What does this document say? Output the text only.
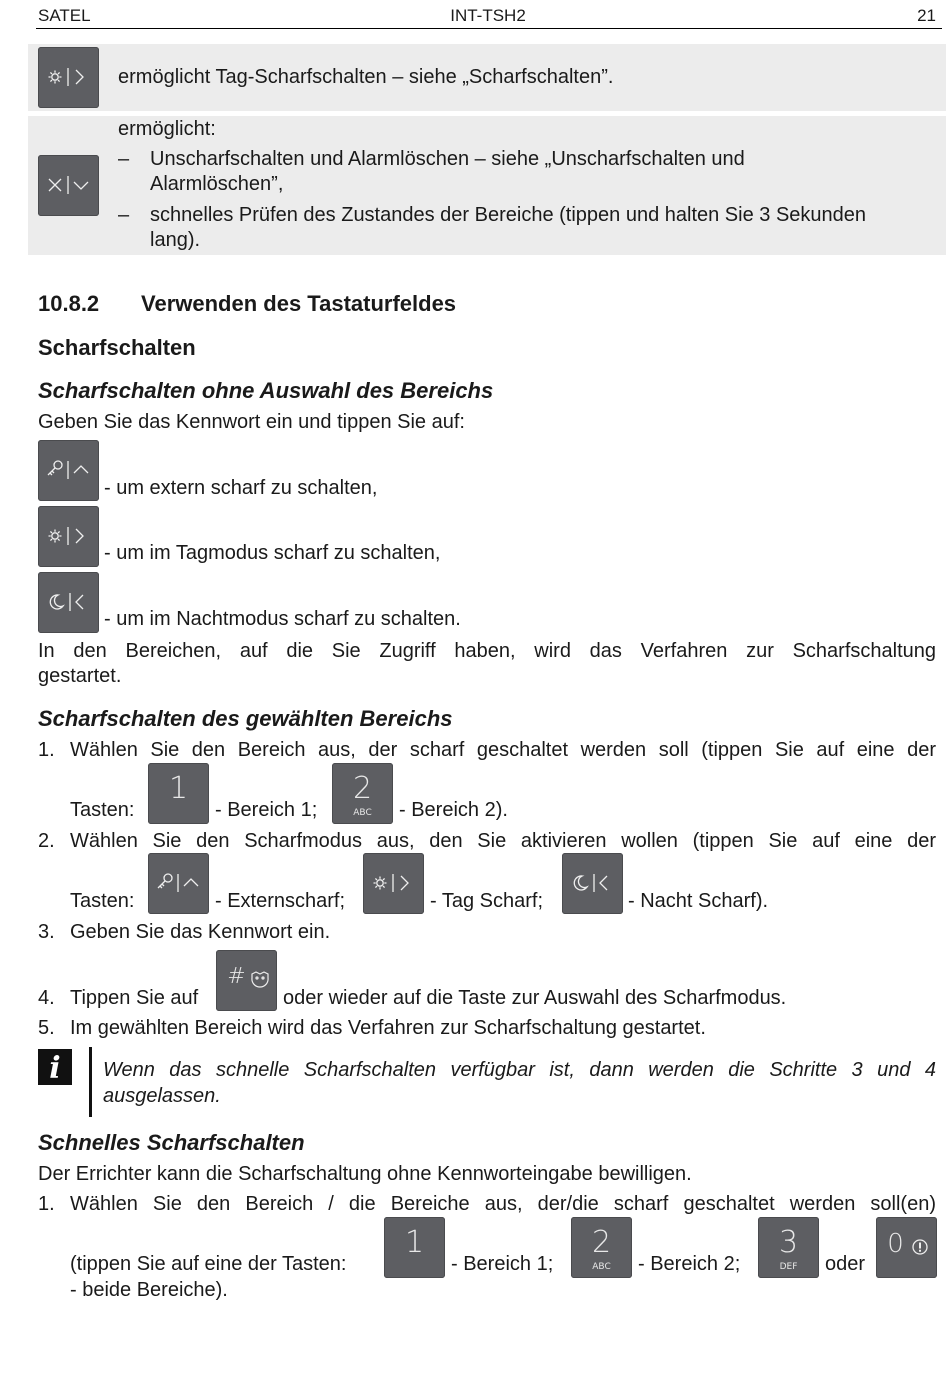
SATEL	INT-TSH2	21
ermöglicht Tag-Scharfschalten – siehe „Scharfschalten”.
ermöglicht:
– Unscharfschalten und Alarmlöschen – siehe „Unscharfschalten und
Alarmlöschen”,
– schnelles Prüfen des Zustandes der Bereiche (tippen und halten Sie 3 Sekunden
lang).
10.8.2 Verwenden des Tastaturfeldes
Scharfschalten
Scharfschalten ohne Auswahl des Bereichs
Geben Sie das Kennwort ein und tippen Sie auf:
- um extern scharf zu schalten,
- um im Tagmodus scharf zu schalten,
- um im Nachtmodus scharf zu schalten.
In den Bereichen, auf die Sie Zugriff haben, wird das Verfahren zur Scharfschaltung
gestartet.
Scharfschalten des gewählten Bereichs
1. Wählen Sie den Bereich aus, der scharf geschaltet werden soll (tippen Sie auf eine der
Tasten:
1
- Bereich 1;
2
ABC	- Bereich 2).
2. Wählen Sie den Scharfmodus aus, den Sie aktivieren wollen (tippen Sie auf eine der
Tasten:	- Externscharf;	- Tag Scharf;	- Nacht Scharf).
3. Geben Sie das Kennwort ein.
4. Tippen Sie auf
#
oder wieder auf die Taste zur Auswahl des Scharfmodus.
5. Im gewählten Bereich wird das Verfahren zur Scharfschaltung gestartet.
i Wenn das schnelle Scharfschalten verfügbar ist, dann werden die Schritte 3 und 4
ausgelassen.
Schnelles Scharfschalten
Der Errichter kann die Scharfschaltung ohne Kennworteingabe bewilligen.
1. Wählen Sie den Bereich / die Bereiche aus, der/die scharf geschaltet werden soll(en)
(tippen Sie auf eine der Tasten:
1
- Bereich 1;
2
ABC	- Bereich 2;
3
DEF	oder
0
- beide Bereiche).
